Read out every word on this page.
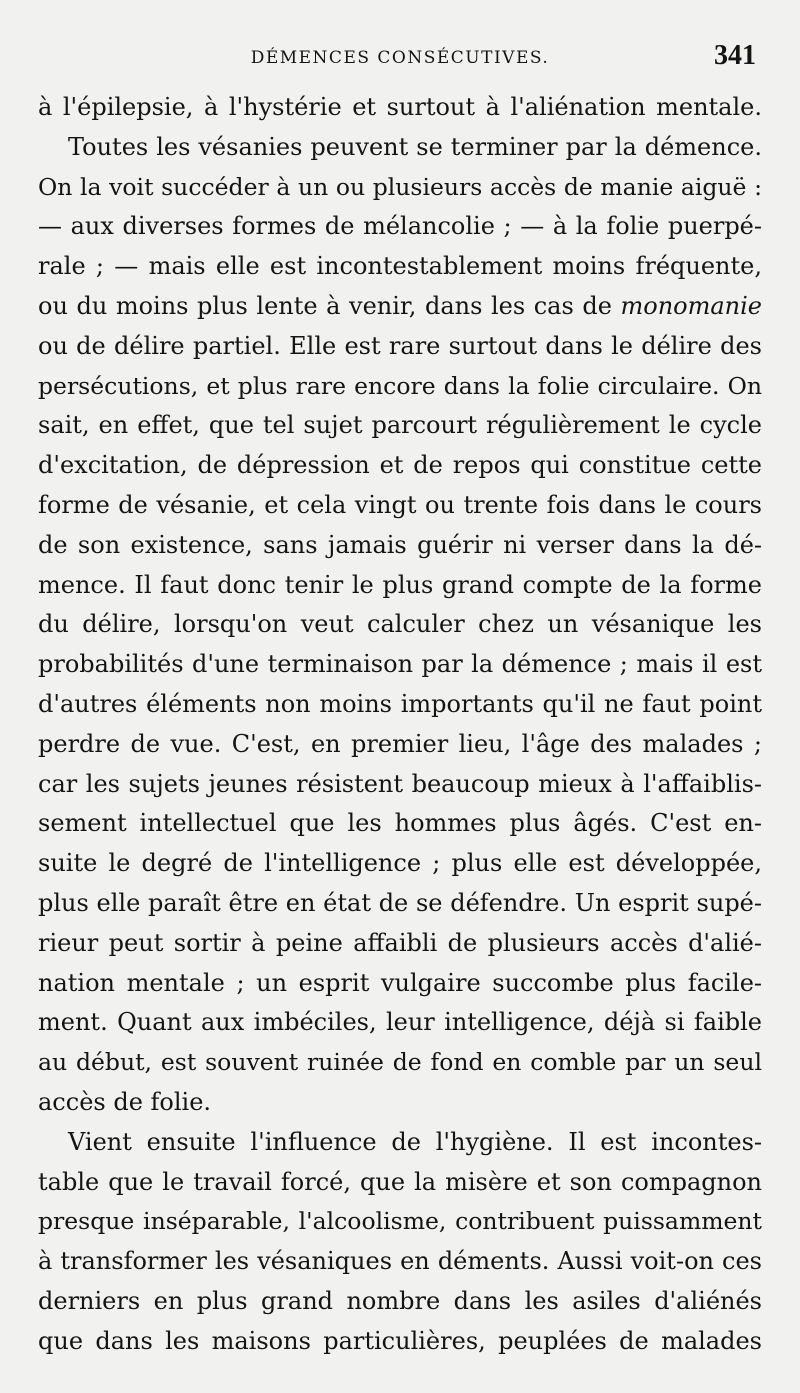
DÉMENCES CONSÉCUTIVES.	341
à l'épilepsie, à l'hystérie et surtout à l'aliénation mentale.
Toutes les vésanies peuvent se terminer par la démence.
On la voit succéder à un ou plusieurs accès de manie aiguë :
— aux diverses formes de mélancolie ; — à la folie puerpé-
rale ; — mais elle est incontestablement moins fréquente,
ou du moins plus lente à venir, dans les cas de monomanie
ou de délire partiel. Elle est rare surtout dans le délire des
persécutions, et plus rare encore dans la folie circulaire. On
sait, en effet, que tel sujet parcourt régulièrement le cycle
d'excitation, de dépression et de repos qui constitue cette
forme de vésanie, et cela vingt ou trente fois dans le cours
de son existence, sans jamais guérir ni verser dans la dé-
mence. Il faut donc tenir le plus grand compte de la forme
du délire, lorsqu'on veut calculer chez un vésanique les
probabilités d'une terminaison par la démence ; mais il est
d'autres éléments non moins importants qu'il ne faut point
perdre de vue. C'est, en premier lieu, l'âge des malades ;
car les sujets jeunes résistent beaucoup mieux à l'affaiblis-
sement intellectuel que les hommes plus âgés. C'est en-
suite le degré de l'intelligence ; plus elle est développée,
plus elle paraît être en état de se défendre. Un esprit supé-
rieur peut sortir à peine affaibli de plusieurs accès d'alié-
nation mentale ; un esprit vulgaire succombe plus facile-
ment. Quant aux imbéciles, leur intelligence, déjà si faible
au début, est souvent ruinée de fond en comble par un seul
accès de folie.
Vient ensuite l'influence de l'hygiène. Il est incontes-
table que le travail forcé, que la misère et son compagnon
presque inséparable, l'alcoolisme, contribuent puissamment
à transformer les vésaniques en déments. Aussi voit-on ces
derniers en plus grand nombre dans les asiles d'aliénés
que dans les maisons particulières, peuplées de malades
